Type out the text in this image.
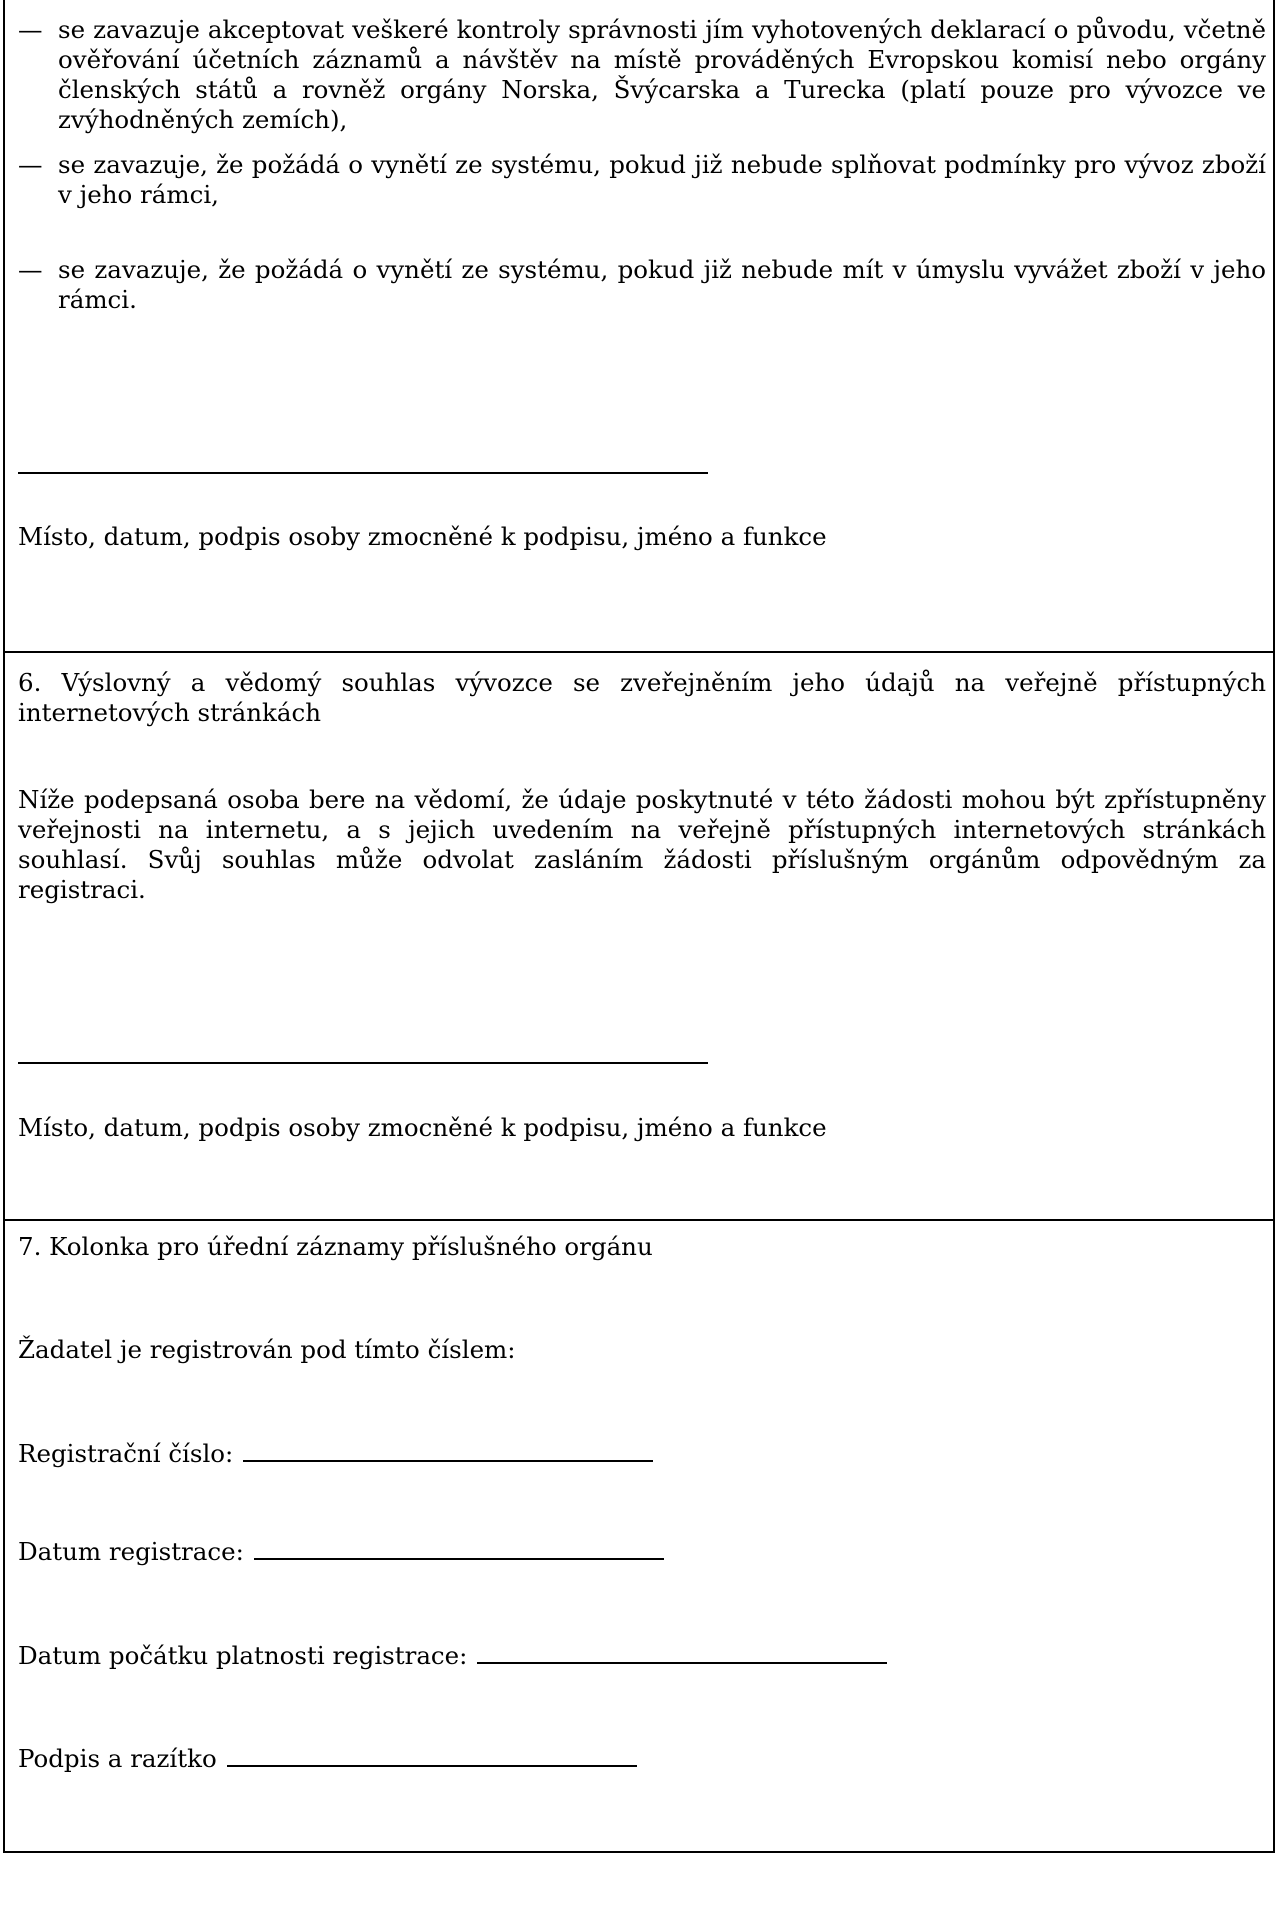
— se zavazuje akceptovat veškeré kontroly správnosti jím vyhotovených deklarací o původu, včetně ověřování účetních záznamů a návštěv na místě prováděných Evropskou komisí nebo orgány členských států a rovněž orgány Norska, Švýcarska a Turecka (platí pouze pro vývozce ve zvýhodněných zemích),
— se zavazuje, že požádá o vynětí ze systému, pokud již nebude splňovat podmínky pro vývoz zboží v jeho rámci,
— se zavazuje, že požádá o vynětí ze systému, pokud již nebude mít v úmyslu vyvážet zboží v jeho rámci.
Místo, datum, podpis osoby zmocněné k podpisu, jméno a funkce
6. Výslovný a vědomý souhlas vývozce se zveřejněním jeho údajů na veřejně přístupných internetových stránkách
Níže podepsaná osoba bere na vědomí, že údaje poskytnuté v této žádosti mohou být zpřístupněny veřejnosti na internetu, a s jejich uvedením na veřejně přístupných internetových stránkách souhlasí. Svůj souhlas může odvolat zasláním žádosti příslušným orgánům odpovědným za registraci.
Místo, datum, podpis osoby zmocněné k podpisu, jméno a funkce
7. Kolonka pro úřední záznamy příslušného orgánu
Žadatel je registrován pod tímto číslem:
Registrační číslo:
Datum registrace:
Datum počátku platnosti registrace:
Podpis a razítko
